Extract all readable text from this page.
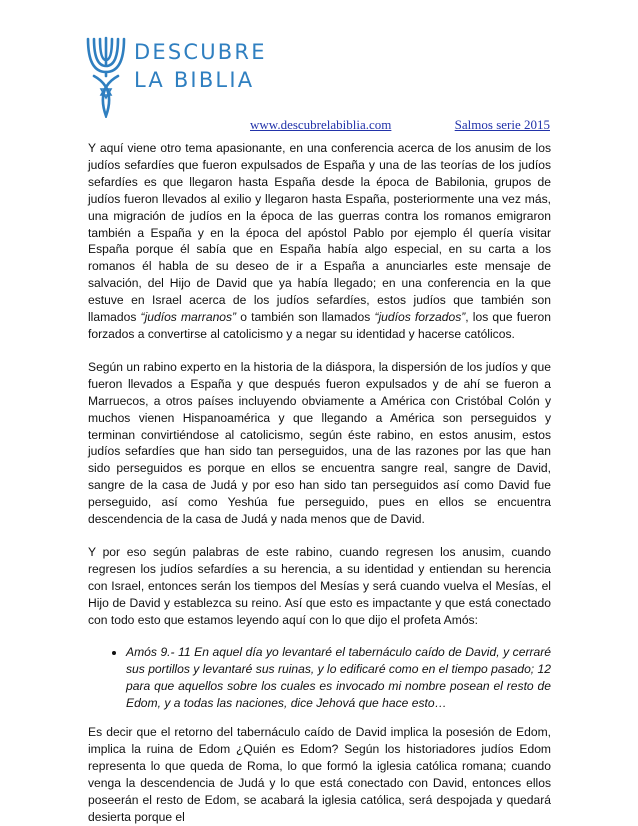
DESCUBRE
LA BIBLIA
www.descubrelabiblia.com	Salmos serie 2015

Y aquí viene otro tema apasionante, en una conferencia acerca de los anusim de los judíos sefardíes que fueron expulsados de España y una de las teorías de los judíos sefardíes es que llegaron hasta España desde la época de Babilonia, grupos de judíos fueron llevados al exilio y llegaron hasta España, posteriormente una vez más, una migración de judíos en la época de las guerras contra los romanos emigraron también a España y en la época del apóstol Pablo por ejemplo él quería visitar España porque él sabía que en España había algo especial, en su carta a los romanos él habla de su deseo de ir a España a anunciarles este mensaje de salvación, del Hijo de David que ya había llegado; en una conferencia en la que estuve en Israel acerca de los judíos sefardíes, estos judíos que también son llamados “judíos marranos” o también son llamados “judíos forzados”, los que fueron forzados a convertirse al catolicismo y a negar su identidad y hacerse católicos.

Según un rabino experto en la historia de la diáspora, la dispersión de los judíos y que fueron llevados a España y que después fueron expulsados y de ahí se fueron a Marruecos, a otros países incluyendo obviamente a América con Cristóbal Colón y muchos vienen Hispanoamérica y que llegando a América son perseguidos y terminan convirtiéndose al catolicismo, según éste rabino, en estos anusim, estos judíos sefardíes que han sido tan perseguidos, una de las razones por las que han sido perseguidos es porque en ellos se encuentra sangre real, sangre de David, sangre de la casa de Judá y por eso han sido tan perseguidos así como David fue perseguido, así como Yeshúa fue perseguido, pues en ellos se encuentra descendencia de la casa de Judá y nada menos que de David.

Y por eso según palabras de este rabino, cuando regresen los anusim, cuando regresen los judíos sefardíes a su herencia, a su identidad y entiendan su herencia con Israel, entonces serán los tiempos del Mesías y será cuando vuelva el Mesías, el Hijo de David y establezca su reino. Así que esto es impactante y que está conectado con todo esto que estamos leyendo aquí con lo que dijo el profeta Amós:

• Amós 9.- 11 En aquel día yo levantaré el tabernáculo caído de David, y cerraré sus portillos y levantaré sus ruinas, y lo edificaré como en el tiempo pasado; 12 para que aquellos sobre los cuales es invocado mi nombre posean el resto de Edom, y a todas las naciones, dice Jehová que hace esto…

Es decir que el retorno del tabernáculo caído de David implica la posesión de Edom, implica la ruina de Edom ¿Quién es Edom? Según los historiadores judíos Edom representa lo que queda de Roma, lo que formó la iglesia católica romana; cuando venga la descendencia de Judá y lo que está conectado con David, entonces ellos poseerán el resto de Edom, se acabará la iglesia católica, será despojada y quedará desierta porque el
